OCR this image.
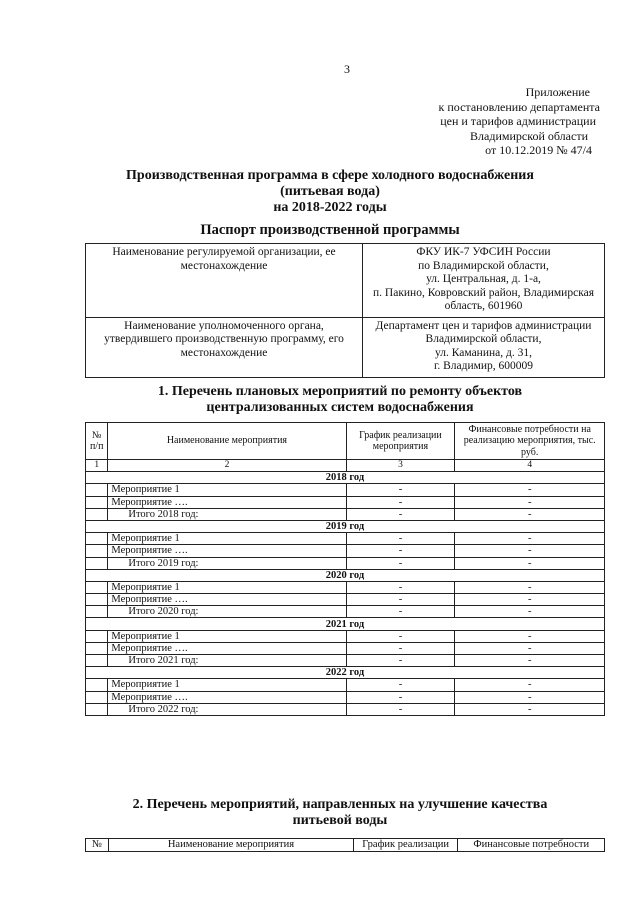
3
Приложение
к постановлению департамента
цен и тарифов администрации
Владимирской области
от 10.12.2019 № 47/4
Производственная программа в сфере холодного водоснабжения
(питьевая вода)
на 2018-2022 годы
Паспорт производственной программы
Наименование регулируемой организации, ее местонахождение	ФКУ ИК-7 УФСИН России
по Владимирской области,
ул. Центральная, д. 1-а,
п. Пакино, Ковровский район, Владимирская
область, 601960

Наименование уполномоченного органа, утвердившего производственную программу, его местонахождение	Департамент цен и тарифов администрации
Владимирской области,
ул. Каманина, д. 31,
г. Владимир, 600009
1. Перечень плановых мероприятий по ремонту объектов
централизованных систем водоснабжения
№ п/п	Наименование мероприятия	График реализации мероприятия	Финансовые потребности на реализацию мероприятия, тыс. руб.
1	2	3	4
2018 год			
	Мероприятие 1	-	-
	Мероприятие ….	-	-
	Итого 2018 год:	-	-
2019 год			
	Мероприятие 1	-	-
	Мероприятие ….	-	-
	Итого 2019 год:	-	-
2020 год			
	Мероприятие 1	-	-
	Мероприятие ….	-	-
	Итого 2020 год:	-	-
2021 год			
	Мероприятие 1	-	-
	Мероприятие ….	-	-
	Итого 2021 год:	-	-
2022 год			
	Мероприятие 1	-	-
	Мероприятие ….	-	-
	Итого 2022 год:	-	-
2. Перечень мероприятий, направленных на улучшение качества
питьевой воды
№	Наименование мероприятия	График реализации	Финансовые потребности
